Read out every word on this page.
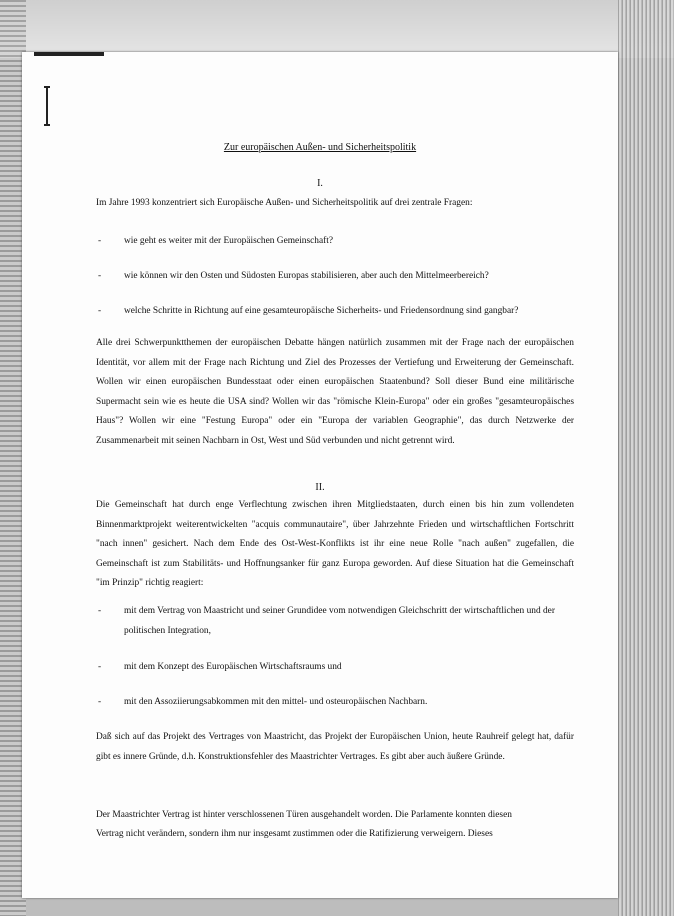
Zur europäischen Außen- und Sicherheitspolitik
I.
Im Jahre 1993 konzentriert sich Europäische Außen- und Sicherheitspolitik auf drei zentrale Fragen:
- wie geht es weiter mit der Europäischen Gemeinschaft?
- wie können wir den Osten und Südosten Europas stabilisieren, aber auch den Mittelmeerbereich?
- welche Schritte in Richtung auf eine gesamteuropäische Sicherheits- und Friedensordnung sind gangbar?
Alle drei Schwerpunktthemen der europäischen Debatte hängen natürlich zusammen mit der Frage nach der europäischen Identität, vor allem mit der Frage nach Richtung und Ziel des Prozesses der Vertiefung und Erweiterung der Gemeinschaft. Wollen wir einen europäischen Bundesstaat oder einen europäischen Staatenbund? Soll dieser Bund eine militärische Supermacht sein wie es heute die USA sind? Wollen wir das "römische Klein-Europa" oder ein großes "gesamteuropäisches Haus"? Wollen wir eine "Festung Europa" oder ein "Europa der variablen Geographie", das durch Netzwerke der Zusammenarbeit mit seinen Nachbarn in Ost, West und Süd verbunden und nicht getrennt wird.
II.
Die Gemeinschaft hat durch enge Verflechtung zwischen ihren Mitgliedstaaten, durch einen bis hin zum vollendeten Binnenmarktprojekt weiterentwickelten "acquis communautaire", über Jahrzehnte Frieden und wirtschaftlichen Fortschritt "nach innen" gesichert. Nach dem Ende des Ost-West-Konflikts ist ihr eine neue Rolle "nach außen" zugefallen, die Gemeinschaft ist zum Stabilitäts- und Hoffnungsanker für ganz Europa geworden. Auf diese Situation hat die Gemeinschaft "im Prinzip" richtig reagiert:
- mit dem Vertrag von Maastricht und seiner Grundidee vom notwendigen Gleichschritt der wirtschaftlichen und der politischen Integration,
- mit dem Konzept des Europäischen Wirtschaftsraums und
- mit den Assoziierungsabkommen mit den mittel- und osteuropäischen Nachbarn.
Daß sich auf das Projekt des Vertrages von Maastricht, das Projekt der Europäischen Union, heute Rauhreif gelegt hat, dafür gibt es innere Gründe, d.h. Konstruktionsfehler des Maastrichter Vertrages. Es gibt aber auch äußere Gründe.
Der Maastrichter Vertrag ist hinter verschlossenen Türen ausgehandelt worden. Die Parlamente konnten diesen
Vertrag nicht verändern, sondern ihm nur insgesamt zustimmen oder die Ratifizierung verweigern. Dieses
